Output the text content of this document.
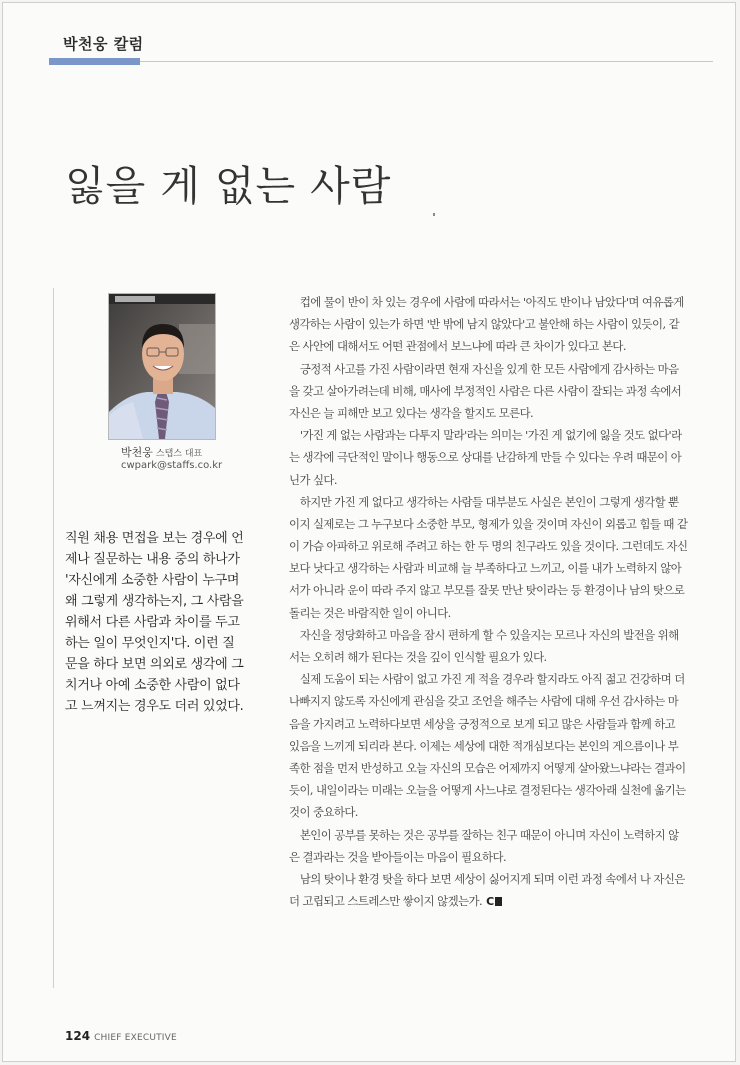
박천웅 칼럼
잃을 게 없는 사람
박천웅 스탭스 대표
cwpark@staffs.co.kr

직원 채용 면접을 보는 경우에 언
제나 질문하는 내용 중의 하나가
'자신에게 소중한 사람이 누구며
왜 그렇게 생각하는지, 그 사람을
위해서 다른 사람과 차이를 두고
하는 일이 무엇인지'다. 이런 질
문을 하다 보면 의외로 생각에 그
치거나 아예 소중한 사람이 없다
고 느껴지는 경우도 더러 있었다.

　컵에 물이 반이 차 있는 경우에 사람에 따라서는 '아직도 반이나 남았다'며 여유롭게
생각하는 사람이 있는가 하면 '반 밖에 남지 않았다'고 불안해 하는 사람이 있듯이, 같
은 사안에 대해서도 어떤 관점에서 보느냐에 따라 큰 차이가 있다고 본다.
　긍정적 사고를 가진 사람이라면 현재 자신을 있게 한 모든 사람에게 감사하는 마음
을 갖고 살아가려는데 비해, 매사에 부정적인 사람은 다른 사람이 잘되는 과정 속에서
자신은 늘 피해만 보고 있다는 생각을 할지도 모른다.
　'가진 게 없는 사람과는 다투지 말라'라는 의미는 '가진 게 없기에 잃을 것도 없다'라
는 생각에 극단적인 말이나 행동으로 상대를 난감하게 만들 수 있다는 우려 때문이 아
닌가 싶다.
　하지만 가진 게 없다고 생각하는 사람들 대부분도 사실은 본인이 그렇게 생각할 뿐
이지 실제로는 그 누구보다 소중한 부모, 형제가 있을 것이며 자신이 외롭고 힘들 때 같
이 가슴 아파하고 위로해 주려고 하는 한 두 명의 친구라도 있을 것이다. 그런데도 자신
보다 낫다고 생각하는 사람과 비교해 늘 부족하다고 느끼고, 이를 내가 노력하지 않아
서가 아니라 운이 따라 주지 않고 부모를 잘못 만난 탓이라는 등 환경이나 남의 탓으로
돌리는 것은 바람직한 일이 아니다.
　자신을 정당화하고 마음을 잠시 편하게 할 수 있을지는 모르나 자신의 발전을 위해
서는 오히려 해가 된다는 것을 깊이 인식할 필요가 있다.
　실제 도움이 되는 사람이 없고 가진 게 적을 경우라 할지라도 아직 젊고 건강하며 더
나빠지지 않도록 자신에게 관심을 갖고 조언을 해주는 사람에 대해 우선 감사하는 마
음을 가지려고 노력하다보면 세상을 긍정적으로 보게 되고 많은 사람들과 함께 하고
있음을 느끼게 되리라 본다. 이제는 세상에 대한 적개심보다는 본인의 게으름이나 부
족한 점을 먼저 반성하고 오늘 자신의 모습은 어제까지 어떻게 살아왔느냐라는 결과이
듯이, 내일이라는 미래는 오늘을 어떻게 사느냐로 결정된다는 생각아래 실천에 옮기는
것이 중요하다.
　본인이 공부를 못하는 것은 공부를 잘하는 친구 때문이 아니며 자신이 노력하지 않
은 결과라는 것을 받아들이는 마음이 필요하다.
　남의 탓이나 환경 탓을 하다 보면 세상이 싫어지게 되며 이런 과정 속에서 나 자신은
더 고립되고 스트레스만 쌓이지 않겠는가. C
124 CHIEF EXECUTIVE
